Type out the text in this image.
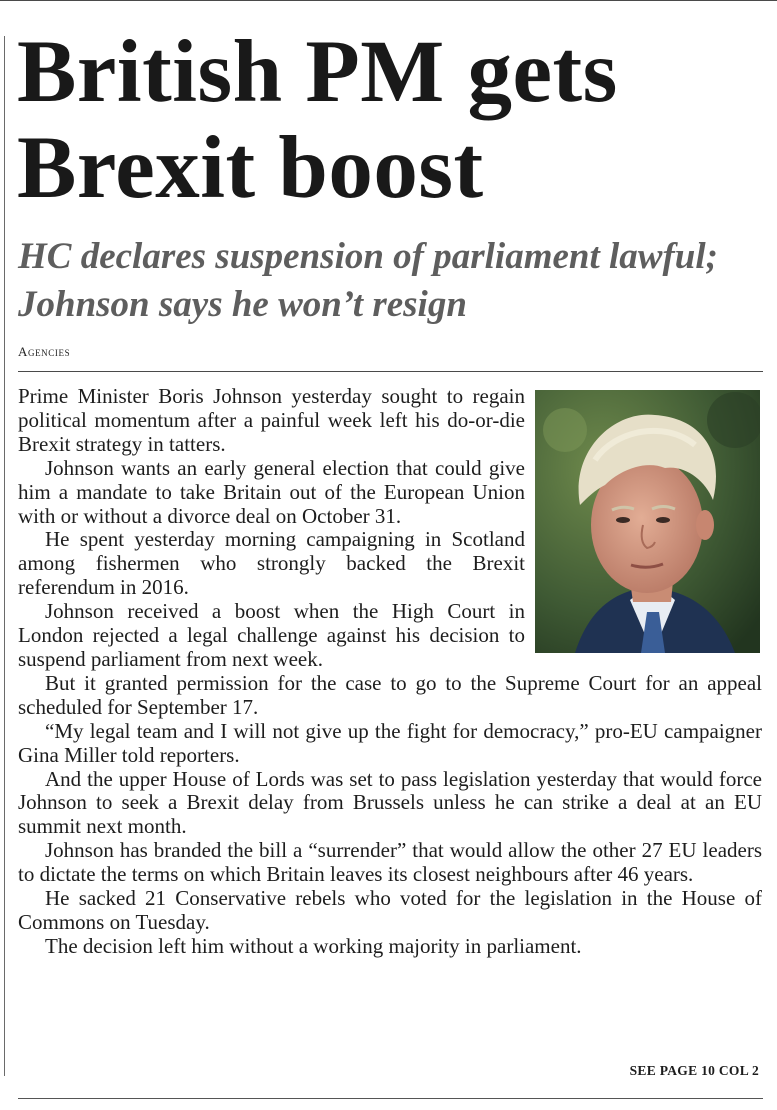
British PM gets Brexit boost
HC declares suspension of parliament lawful; Johnson says he won’t resign
Agencies

Prime Minister Boris Johnson yesterday sought to regain political momentum after a painful week left his do-or-die Brexit strategy in tatters.

Johnson wants an early general election that could give him a mandate to take Britain out of the European Union with or without a divorce deal on October 31.

He spent yesterday morning campaigning in Scotland among fishermen who strongly backed the Brexit referendum in 2016.

Johnson received a boost when the High Court in London rejected a legal challenge against his decision to suspend parliament from next week.

But it granted permission for the case to go to the Supreme Court for an appeal scheduled for September 17.

“My legal team and I will not give up the fight for democracy,” pro-EU campaigner Gina Miller told reporters.

And the upper House of Lords was set to pass legislation yesterday that would force Johnson to seek a Brexit delay from Brussels unless he can strike a deal at an EU summit next month.

Johnson has branded the bill a “surrender” that would allow the other 27 EU leaders to dictate the terms on which Britain leaves its closest neighbours after 46 years.

He sacked 21 Conservative rebels who voted for the legislation in the House of Commons on Tuesday.

The decision left him without a working majority in parliament.

SEE PAGE 10 COL 2
